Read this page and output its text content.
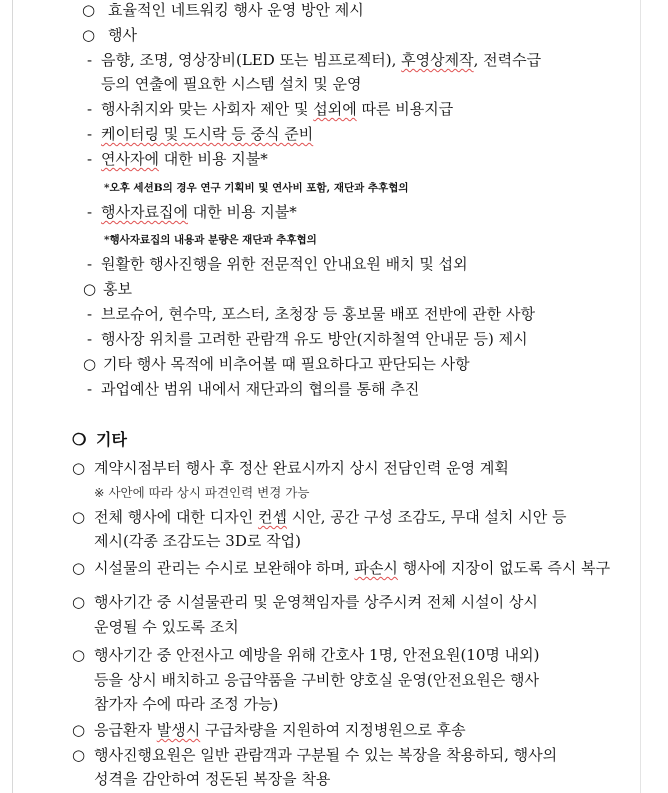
○ 효율적인 네트워킹 행사 운영 방안 제시
○ 행사
- 음향, 조명, 영상장비(LED 또는 빔프로젝터), 후영상제작, 전력수급
등의 연출에 필요한 시스템 설치 및 운영
- 행사취지와 맞는 사회자 제안 및 섭외에 따른 비용지급
- 케이터링 및 도시락 등 중식 준비
- 연사자에 대한 비용 지불*
*오후 세션B의 경우 연구 기획비 및 연사비 포함, 재단과 추후협의
- 행사자료집에 대한 비용 지불*
*행사자료집의 내용과 분량은 재단과 추후협의
- 원활한 행사진행을 위한 전문적인 안내요원 배치 및 섭외
○ 홍보
- 브로슈어, 현수막, 포스터, 초청장 등 홍보물 배포 전반에 관한 사항
- 행사장 위치를 고려한 관람객 유도 방안(지하철역 안내문 등) 제시
○ 기타 행사 목적에 비추어볼 때 필요하다고 판단되는 사항
- 과업예산 범위 내에서 재단과의 협의를 통해 추진
❍ 기타
○ 계약시점부터 행사 후 정산 완료시까지 상시 전담인력 운영 계획
※ 사안에 따라 상시 파견인력 변경 가능
○ 전체 행사에 대한 디자인 컨셉 시안, 공간 구성 조감도, 무대 설치 시안 등
제시(각종 조감도는 3D로 작업)
○ 시설물의 관리는 수시로 보완해야 하며, 파손시 행사에 지장이 없도록 즉시 복구
○ 행사기간 중 시설물관리 및 운영책임자를 상주시켜 전체 시설이 상시
운영될 수 있도록 조치
○ 행사기간 중 안전사고 예방을 위해 간호사 1명, 안전요원(10명 내외)
등을 상시 배치하고 응급약품을 구비한 양호실 운영(안전요원은 행사
참가자 수에 따라 조정 가능)
○ 응급환자 발생시 구급차량을 지원하여 지정병원으로 후송
○ 행사진행요원은 일반 관람객과 구분될 수 있는 복장을 착용하되, 행사의
성격을 감안하여 정돈된 복장을 착용
